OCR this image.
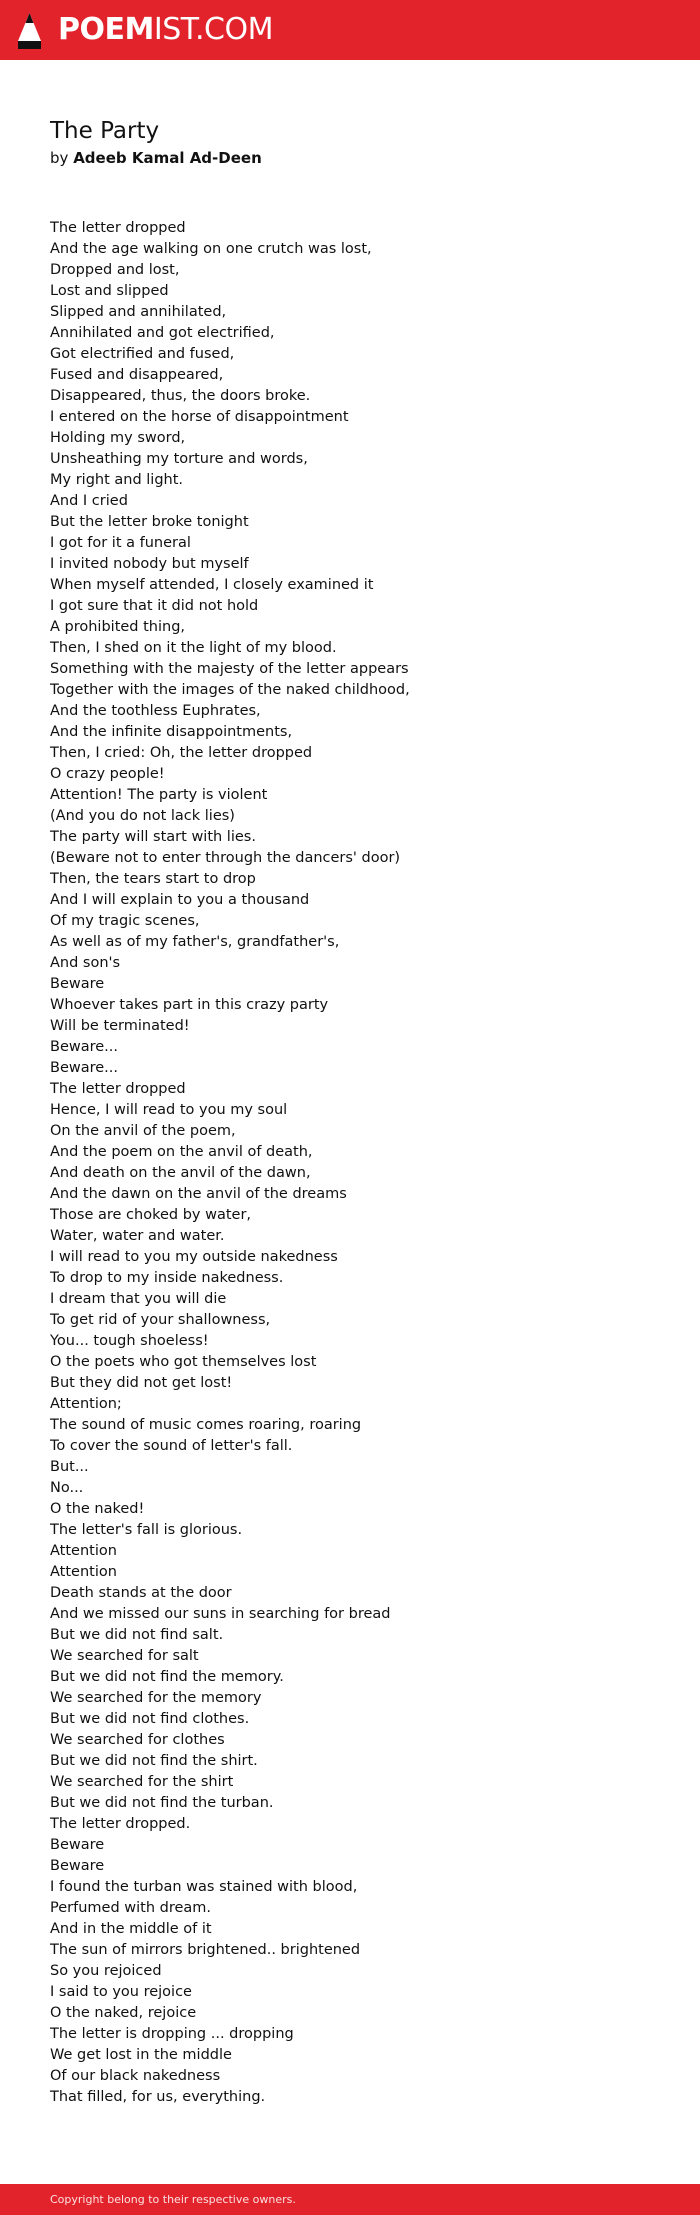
POEMIST.COM
The Party
by Adeeb Kamal Ad-Deen
The letter dropped
And the age walking on one crutch was lost,
Dropped and lost,
Lost and slipped
Slipped and annihilated,
Annihilated and got electrified,
Got electrified and fused,
Fused and disappeared,
Disappeared, thus, the doors broke.
I entered on the horse of disappointment
Holding my sword,
Unsheathing my torture and words,
My right and light.
And I cried
But the letter broke tonight
I got for it a funeral
I invited nobody but myself
When myself attended, I closely examined it
I got sure that it did not hold
A prohibited thing,
Then, I shed on it the light of my blood.
Something with the majesty of the letter appears
Together with the images of the naked childhood,
And the toothless Euphrates,
And the infinite disappointments,
Then, I cried: Oh, the letter dropped
O crazy people!
Attention! The party is violent
(And you do not lack lies)
The party will start with lies.
(Beware not to enter through the dancers' door)
Then, the tears start to drop
And I will explain to you a thousand
Of my tragic scenes,
As well as of my father's, grandfather's,
And son's
Beware
Whoever takes part in this crazy party
Will be terminated!
Beware...
Beware...
The letter dropped
Hence, I will read to you my soul
On the anvil of the poem,
And the poem on the anvil of death,
And death on the anvil of the dawn,
And the dawn on the anvil of the dreams
Those are choked by water,
Water, water and water.
I will read to you my outside nakedness
To drop to my inside nakedness.
I dream that you will die
To get rid of your shallowness,
You... tough shoeless!
O the poets who got themselves lost
But they did not get lost!
Attention;
The sound of music comes roaring, roaring
To cover the sound of letter's fall.
But...
No...
O the naked!
The letter's fall is glorious.
Attention
Attention
Death stands at the door
And we missed our suns in searching for bread
But we did not find salt.
We searched for salt
But we did not find the memory.
We searched for the memory
But we did not find clothes.
We searched for clothes
But we did not find the shirt.
We searched for the shirt
But we did not find the turban.
The letter dropped.
Beware
Beware
I found the turban was stained with blood,
Perfumed with dream.
And in the middle of it
The sun of mirrors brightened.. brightened
So you rejoiced
I said to you rejoice
O the naked, rejoice
The letter is dropping ... dropping
We get lost in the middle
Of our black nakedness
That filled, for us, everything.
Copyright belong to their respective owners.
